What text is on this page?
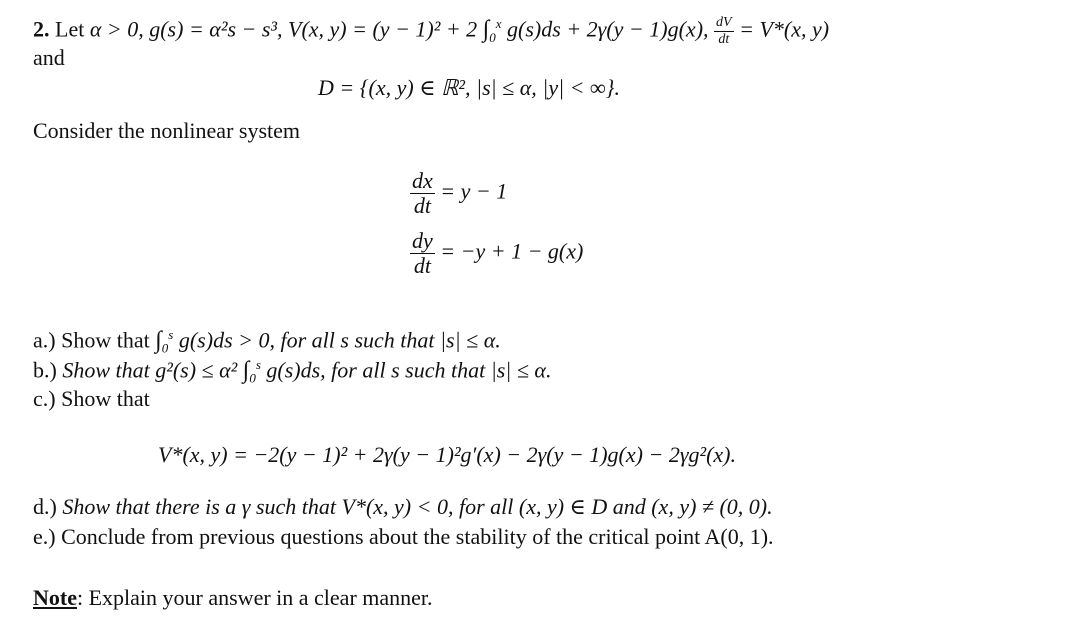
2. Let α > 0, g(s) = α²s − s³, V(x, y) = (y − 1)² + 2 $\int_0^x$ g(s)ds + 2γ(y − 1)g(x), $\frac{dV}{dt} = V*(x$, y)
and
D = {(x, y) ∈ ℝ², |s| ≤ α, |y| < ∞}.
Consider the nonlinear system
$\frac{dx}{dt} = y - 1$
$\frac{dy}{dt} = -y + 1 - g(x)$
a.) Show that $\int_0^s$ g(s)ds > 0, for all s such that |s| ≤ α.
b.) Show that g²(s) ≤ α² $\int_0^s$ g(s)ds, for all s such that |s| ≤ α.
c.) Show that
V*(x, y) = −2(y − 1)² + 2γ(y − 1)²g′(x) − 2γ(y − 1)g(x) − 2γg²(x).
d.) Show that there is a γ such that V*(x, y) < 0, for all (x, y) ∈ D and (x, y) ≠ (0, 0).
e.) Conclude from previous questions about the stability of the critical point A(0, 1).
Note: Explain your answer in a clear manner.
